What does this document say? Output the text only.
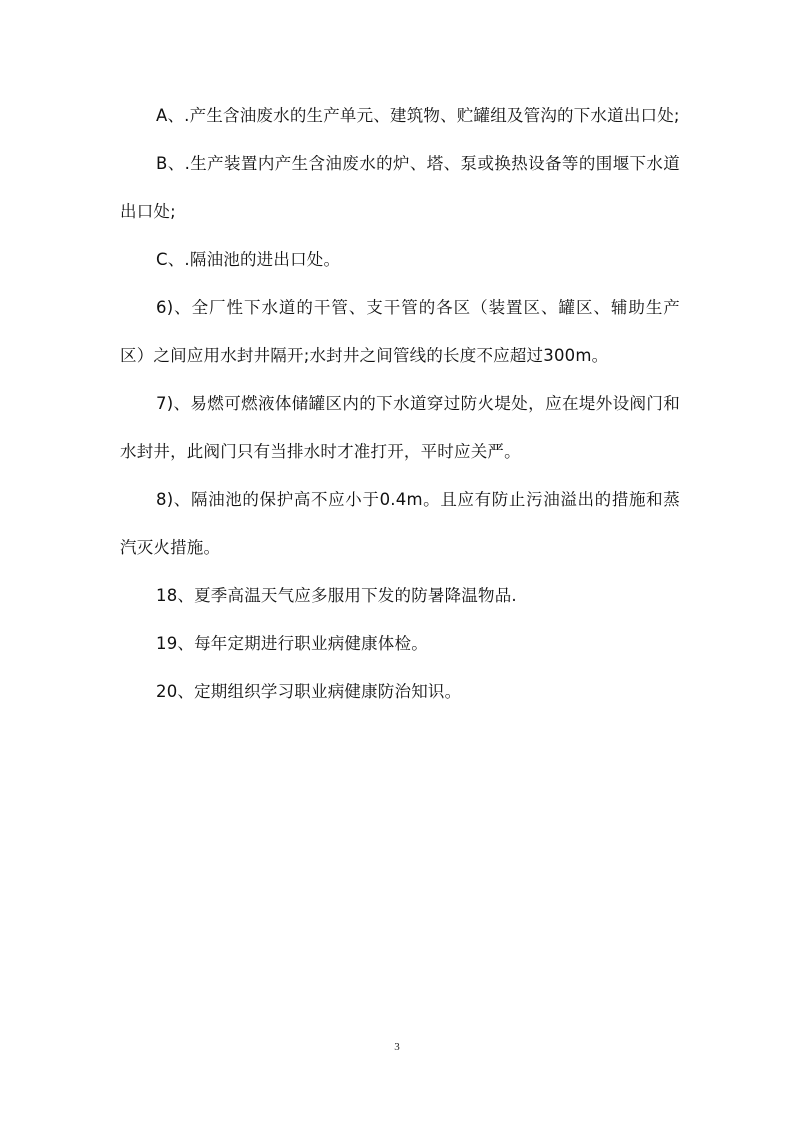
A、.产生含油废水的生产单元、建筑物、贮罐组及管沟的下水道出口处;

B、.生产装置内产生含油废水的炉、塔、泵或换热设备等的围堰下水道出口处;

C、.隔油池的进出口处。

6)、全厂性下水道的干管、支干管的各区（装置区、罐区、辅助生产区）之间应用水封井隔开;水封井之间管线的长度不应超过300m。

7)、易燃可燃液体储罐区内的下水道穿过防火堤处，应在堤外设阀门和水封井，此阀门只有当排水时才准打开，平时应关严。

8)、隔油池的保护高不应小于0.4m。且应有防止污油溢出的措施和蒸汽灭火措施。

18、夏季高温天气应多服用下发的防暑降温物品.

19、每年定期进行职业病健康体检。

20、定期组织学习职业病健康防治知识。

3
